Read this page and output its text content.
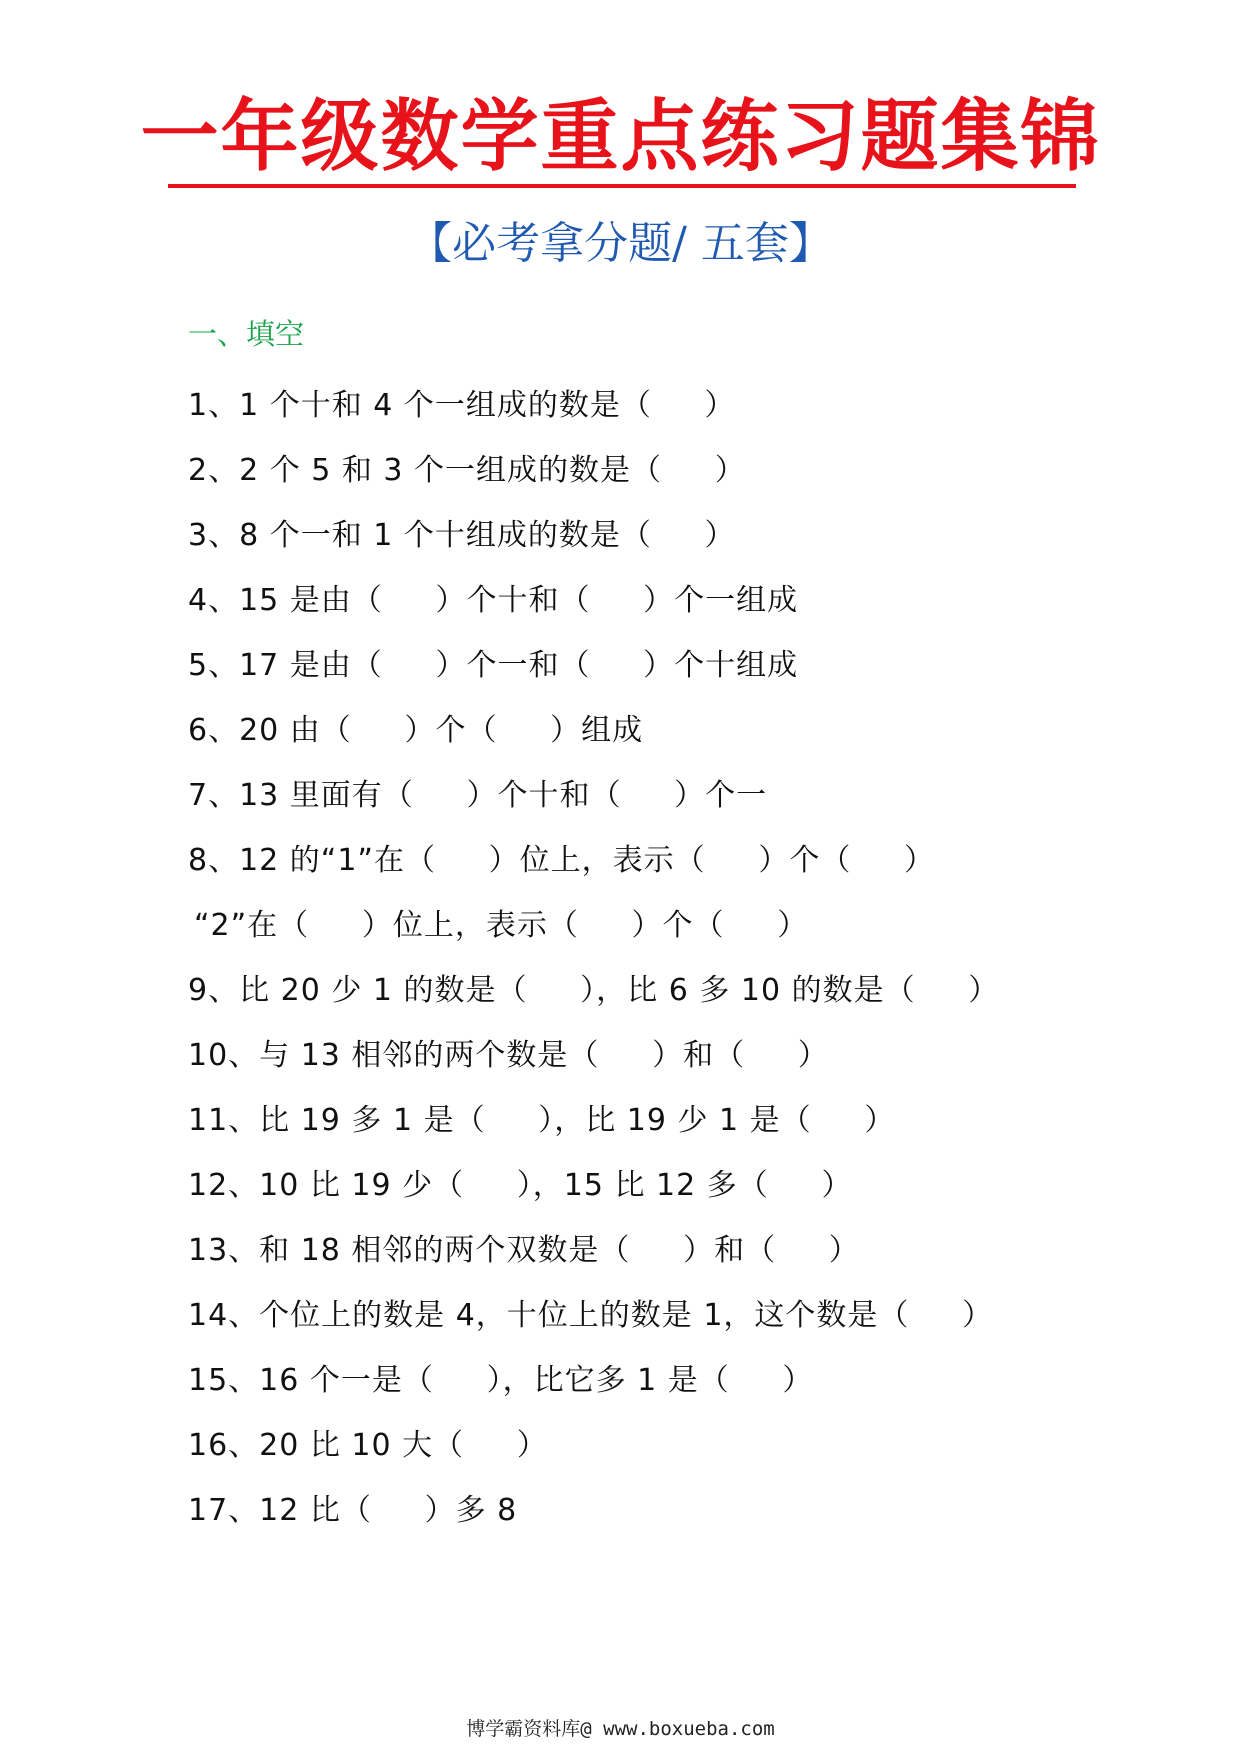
一年级数学重点练习题集锦
【必考拿分题/ 五套】
一、填空
1、1 个十和 4 个一组成的数是（     ）
2、2 个 5 和 3 个一组成的数是（     ）
3、8 个一和 1 个十组成的数是（     ）
4、15 是由（     ）个十和（     ）个一组成
5、17 是由（     ）个一和（     ）个十组成
6、20 由（     ）个（     ）组成
7、13 里面有（     ）个十和（     ）个一
8、12 的“1”在（     ）位上，表示（     ）个（     ）
“2”在（     ）位上，表示（     ）个（     ）
9、比 20 少 1 的数是（     ），比 6 多 10 的数是（     ）
10、与 13 相邻的两个数是（     ）和（     ）
11、比 19 多 1 是（     ），比 19 少 1 是（     ）
12、10 比 19 少（     ），15 比 12 多（     ）
13、和 18 相邻的两个双数是（     ）和（     ）
14、个位上的数是 4，十位上的数是 1，这个数是（     ）
15、16 个一是（     ），比它多 1 是（     ）
16、20 比 10 大（     ）
17、12 比（     ）多 8
博学霸资料库@ www.boxueba.com
